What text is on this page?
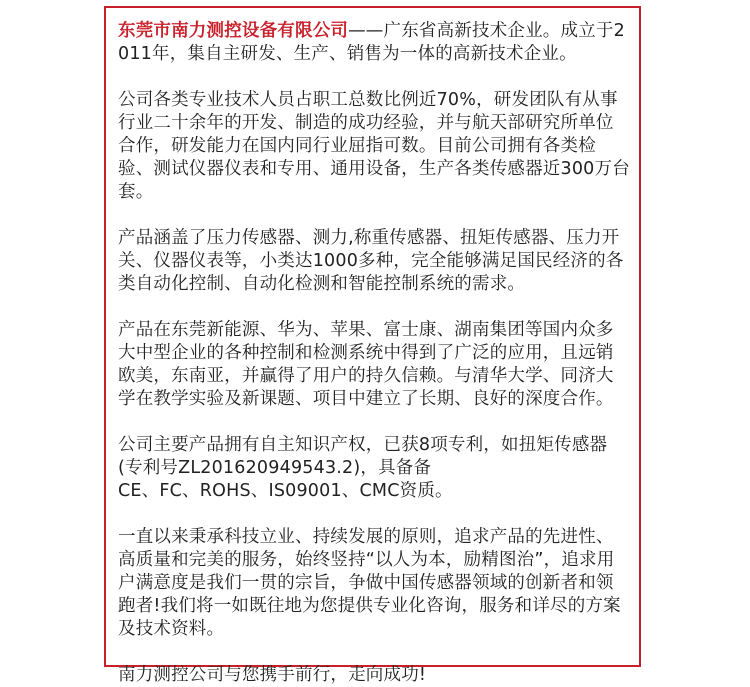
东莞市南力测控设备有限公司——广东省高新技术企业。成立于2011年，集自主研发、生产、销售为一体的高新技术企业。

公司各类专业技术人员占职工总数比例近70%，研发团队有从事行业二十余年的开发、制造的成功经验，并与航天部研究所单位合作，研发能力在国内同行业屈指可数。目前公司拥有各类检验、测试仪器仪表和专用、通用设备，生产各类传感器近300万台套。

产品涵盖了压力传感器、测力,称重传感器、扭矩传感器、压力开关、仪器仪表等，小类达1000多种，完全能够满足国民经济的各类自动化控制、自动化检测和智能控制系统的需求。

产品在东莞新能源、华为、苹果、富士康、湖南集团等国内众多大中型企业的各种控制和检测系统中得到了广泛的应用，且远销欧美，东南亚，并赢得了用户的持久信赖。与清华大学、同济大学在教学实验及新课题、项目中建立了长期、良好的深度合作。

公司主要产品拥有自主知识产权，已获8项专利，如扭矩传感器(专利号ZL201620949543.2)，具备备
CE、FC、ROHS、IS09001、CMC资质。

一直以来秉承科技立业、持续发展的原则，追求产品的先进性、高质量和完美的服务，始终竖持“以人为本，励精图治”，追求用户满意度是我们一贯的宗旨，争做中国传感器领域的创新者和领跑者!我们将一如既往地为您提供专业化咨询，服务和详尽的方案及技术资料。

南力测控公司与您携手前行，走向成功!
